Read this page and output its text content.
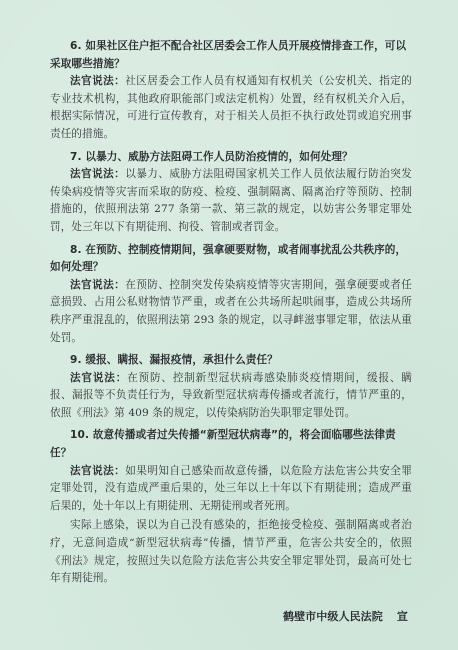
6. 如果社区住户拒不配合社区居委会工作人员开展疫情排查工作，可以采取哪些措施？

法官说法：社区居委会工作人员有权通知有权机关（公安机关、指定的专业技术机构，其他政府职能部门或法定机构）处置，经有权机关介入后，根据实际情况，可进行宣传教育，对于相关人员拒不执行政处罚或追究刑事责任的措施。

7. 以暴力、威胁方法阻碍工作人员防治疫情的，如何处理？

法官说法：以暴力、威胁方法阻碍国家机关工作人员依法履行防治突发传染病疫情等灾害而采取的防疫、检疫、强制隔离、隔离治疗等预防、控制措施的，依照刑法第 277 条第一款、第三款的规定，以妨害公务罪定罪处罚，处三年以下有期徒刑、拘役、管制或者罚金。

8. 在预防、控制疫情期间，强拿硬要财物，或者闹事扰乱公共秩序的，如何处理？

法官说法：在预防、控制突发传染病疫情等灾害期间，强拿硬要或者任意损毁、占用公私财物情节严重，或者在公共场所起哄闹事，造成公共场所秩序严重混乱的，依照刑法第 293 条的规定，以寻衅滋事罪定罪，依法从重处罚。

9. 缓报、瞒报、漏报疫情，承担什么责任？

法官说法：在预防、控制新型冠状病毒感染肺炎疫情期间，缓报、瞒报、漏报等不负责任行为，导致新型冠状病毒传播或者流行，情节严重的，依照《刑法》第 409 条的规定，以传染病防治失职罪定罪处罚。

10. 故意传播或者过失传播“新型冠状病毒”的，将会面临哪些法律责任？

法官说法：如果明知自己感染而故意传播，以危险方法危害公共安全罪定罪处罚，没有造成严重后果的，处三年以上十年以下有期徒刑；造成严重后果的，处十年以上有期徒刑、无期徒刑或者死刑。

实际上感染，误以为自己没有感染的，拒绝接受检疫、强制隔离或者治疗，无意间造成“新型冠状病毒”传播，情节严重，危害公共安全的，依照《刑法》规定，按照过失以危险方法危害公共安全罪定罪处罚，最高可处七年有期徒刑。

鹤壁市中级人民法院 宣
